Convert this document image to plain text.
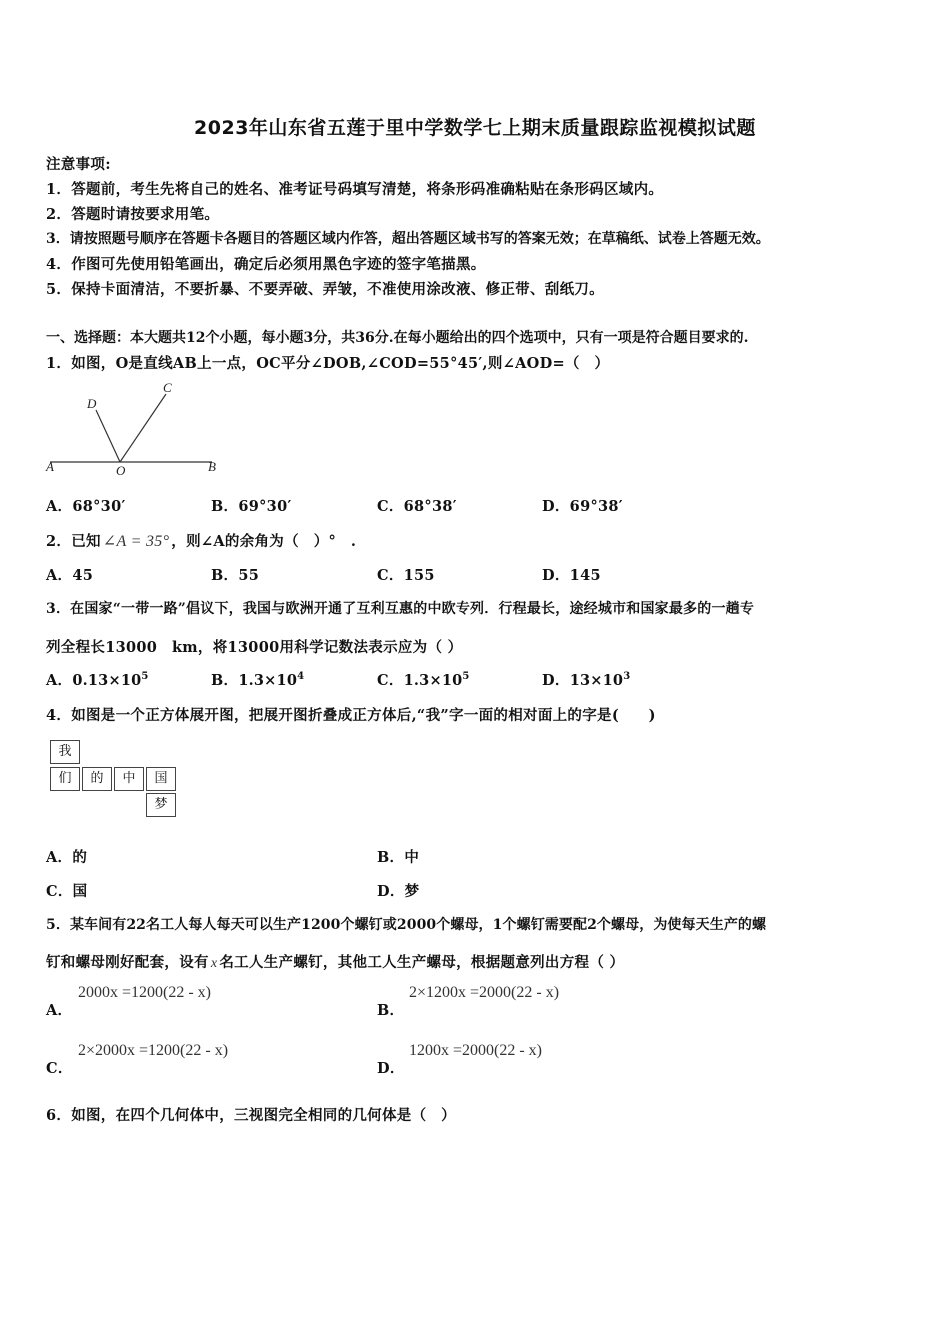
2023年山东省五莲于里中学数学七上期末质量跟踪监视模拟试题
注意事项:
1．答题前，考生先将自己的姓名、准考证号码填写清楚，将条形码准确粘贴在条形码区域内。
2．答题时请按要求用笔。
3．请按照题号顺序在答题卡各题目的答题区域内作答，超出答题区域书写的答案无效；在草稿纸、试卷上答题无效。
4．作图可先使用铅笔画出，确定后必须用黑色字迹的签字笔描黑。
5．保持卡面清洁，不要折暴、不要弄破、弄皱，不准使用涂改液、修正带、刮纸刀。
一、选择题：本大题共12个小题，每小题3分，共36分.在每小题给出的四个选项中，只有一项是符合题目要求的.
1．如图，O是直线AB上一点，OC平分∠DOB,∠COD=55°45′,则∠AOD=（　）
A	O	B
D
C
A．68°30′	B．69°30′	C．68°38′	D．69°38′
2．已知 ∠A = 35° ，则∠A的余角为（　）°　.
A．45	B．55	C．155	D．145
3．在国家“一带一路”倡议下，我国与欧洲开通了互利互惠的中欧专列．行程最长，途经城市和国家最多的一趟专
列全程长13000　km，将13000用科学记数法表示应为（ ）
A．$0.13\times 10^5$	B．$1.3\times 10^4$	C．$1.3\times 10^5$	D．$13\times 10^3$
4．如图是一个正方体展开图，把展开图折叠成正方体后,“我”字一面的相对面上的字是(　　)
我
们	的	中	国
梦
A．的	B．中
C．国	D．梦
5．某车间有22名工人每人每天可以生产1200个螺钉或2000个螺母，1个螺钉需要配2个螺母，为使每天生产的螺
钉和螺母刚好配套，设有 x 名工人生产螺钉，其他工人生产螺母，根据题意列出方程（ ）
A．
2000x =1200(22 - x)
B．
2×1200x =2000(22 - x)
C．
2×2000x =1200(22 - x)
D．
1200x =2000(22 - x)
6．如图，在四个几何体中，三视图完全相同的几何体是（　）
